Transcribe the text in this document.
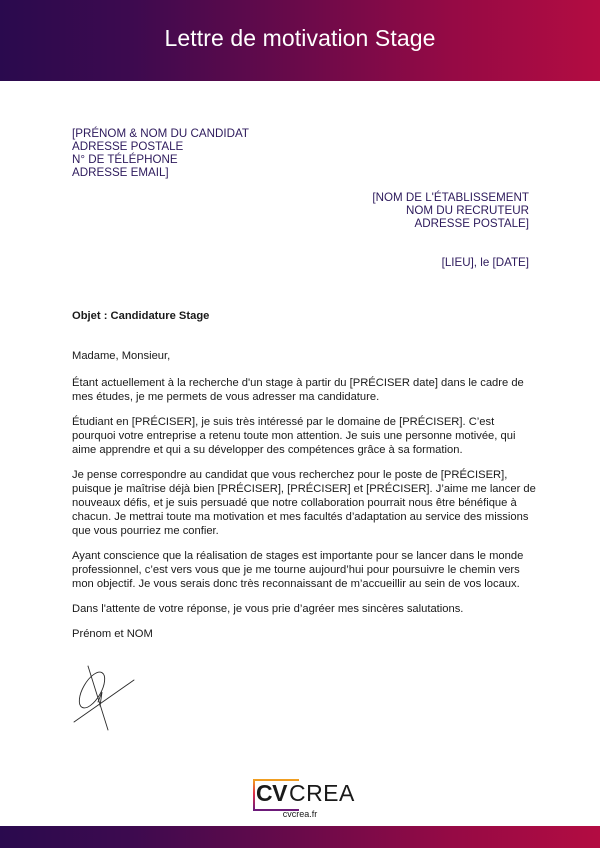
Lettre de motivation Stage
[PRÉNOM & NOM DU CANDIDAT
ADRESSE POSTALE
N° DE TÉLÉPHONE
ADRESSE EMAIL]
[NOM DE L'ÉTABLISSEMENT
NOM DU RECRUTEUR
ADRESSE POSTALE]
[LIEU], le [DATE]
Objet : Candidature Stage

Madame, Monsieur,

Étant actuellement à la recherche d'un stage à partir du [PRÉCISER date] dans le cadre de mes études, je me permets de vous adresser ma candidature.

Étudiant en [PRÉCISER], je suis très intéressé par le domaine de [PRÉCISER]. C’est pourquoi votre entreprise a retenu toute mon attention. Je suis une personne motivée, qui aime apprendre et qui a su développer des compétences grâce à sa formation.

Je pense correspondre au candidat que vous recherchez pour le poste de [PRÉCISER], puisque je maîtrise déjà bien [PRÉCISER], [PRÉCISER] et [PRÉCISER]. J’aime me lancer de nouveaux défis, et je suis persuadé que notre collaboration pourrait nous être bénéfique à chacun. Je mettrai toute ma motivation et mes facultés d’adaptation au service des missions que vous pourriez me confier.

Ayant conscience que la réalisation de stages est importante pour se lancer dans le monde professionnel, c’est vers vous que je me tourne aujourd’hui pour poursuivre le chemin vers mon objectif. Je vous serais donc très reconnaissant de m’accueillir au sein de vos locaux.

Dans l'attente de votre réponse, je vous prie d’agréer mes sincères salutations.

Prénom et NOM

CV CREA
cvcrea.fr
